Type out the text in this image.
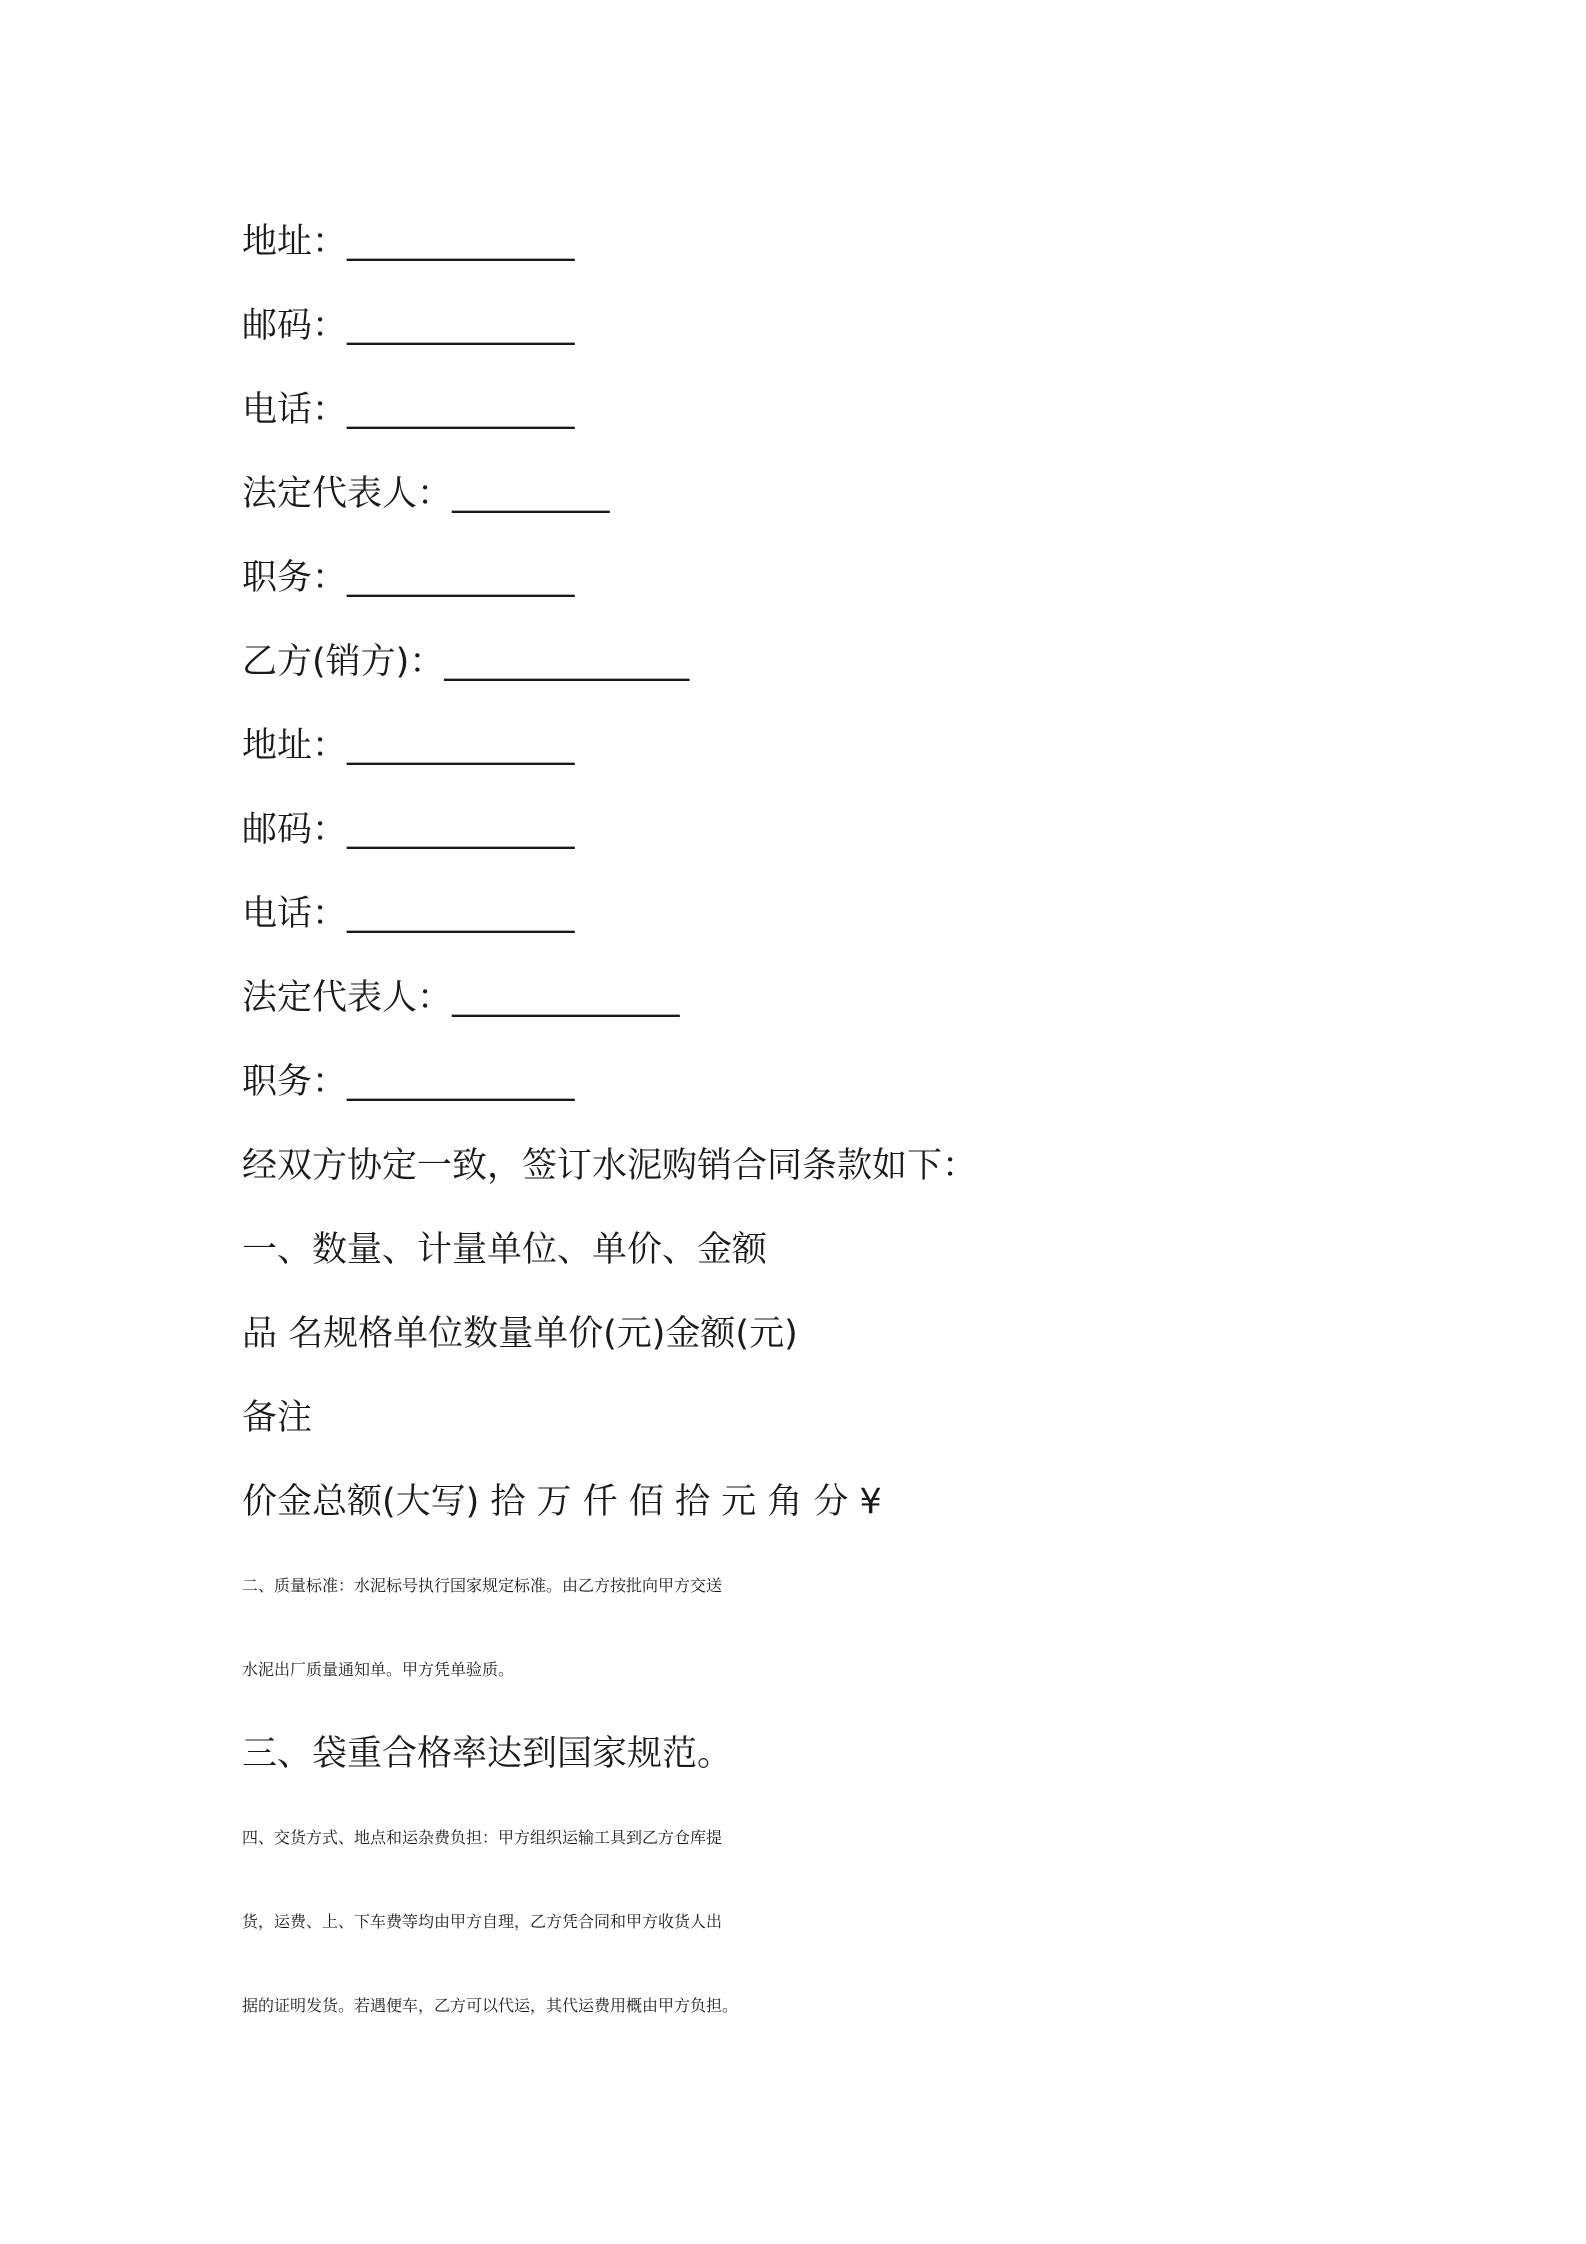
地址：_____________
邮码：_____________
电话：_____________
法定代表人：_________
职务：_____________
乙方(销方)：______________
地址：_____________
邮码：_____________
电话：_____________
法定代表人：_____________
职务：_____________
经双方协定一致，签订水泥购销合同条款如下：
一、数量、计量单位、单价、金额
品 名规格单位数量单价(元)金额(元)
备注
价金总额(大写) 拾 万 仟 佰 拾 元 角 分 ¥
二、质量标准：水泥标号执行国家规定标准。由乙方按批向甲方交送
水泥出厂质量通知单。甲方凭单验质。
三、袋重合格率达到国家规范。
四、交货方式、地点和运杂费负担：甲方组织运输工具到乙方仓库提
货，运费、上、下车费等均由甲方自理，乙方凭合同和甲方收货人出
据的证明发货。若遇便车，乙方可以代运，其代运费用概由甲方负担。
